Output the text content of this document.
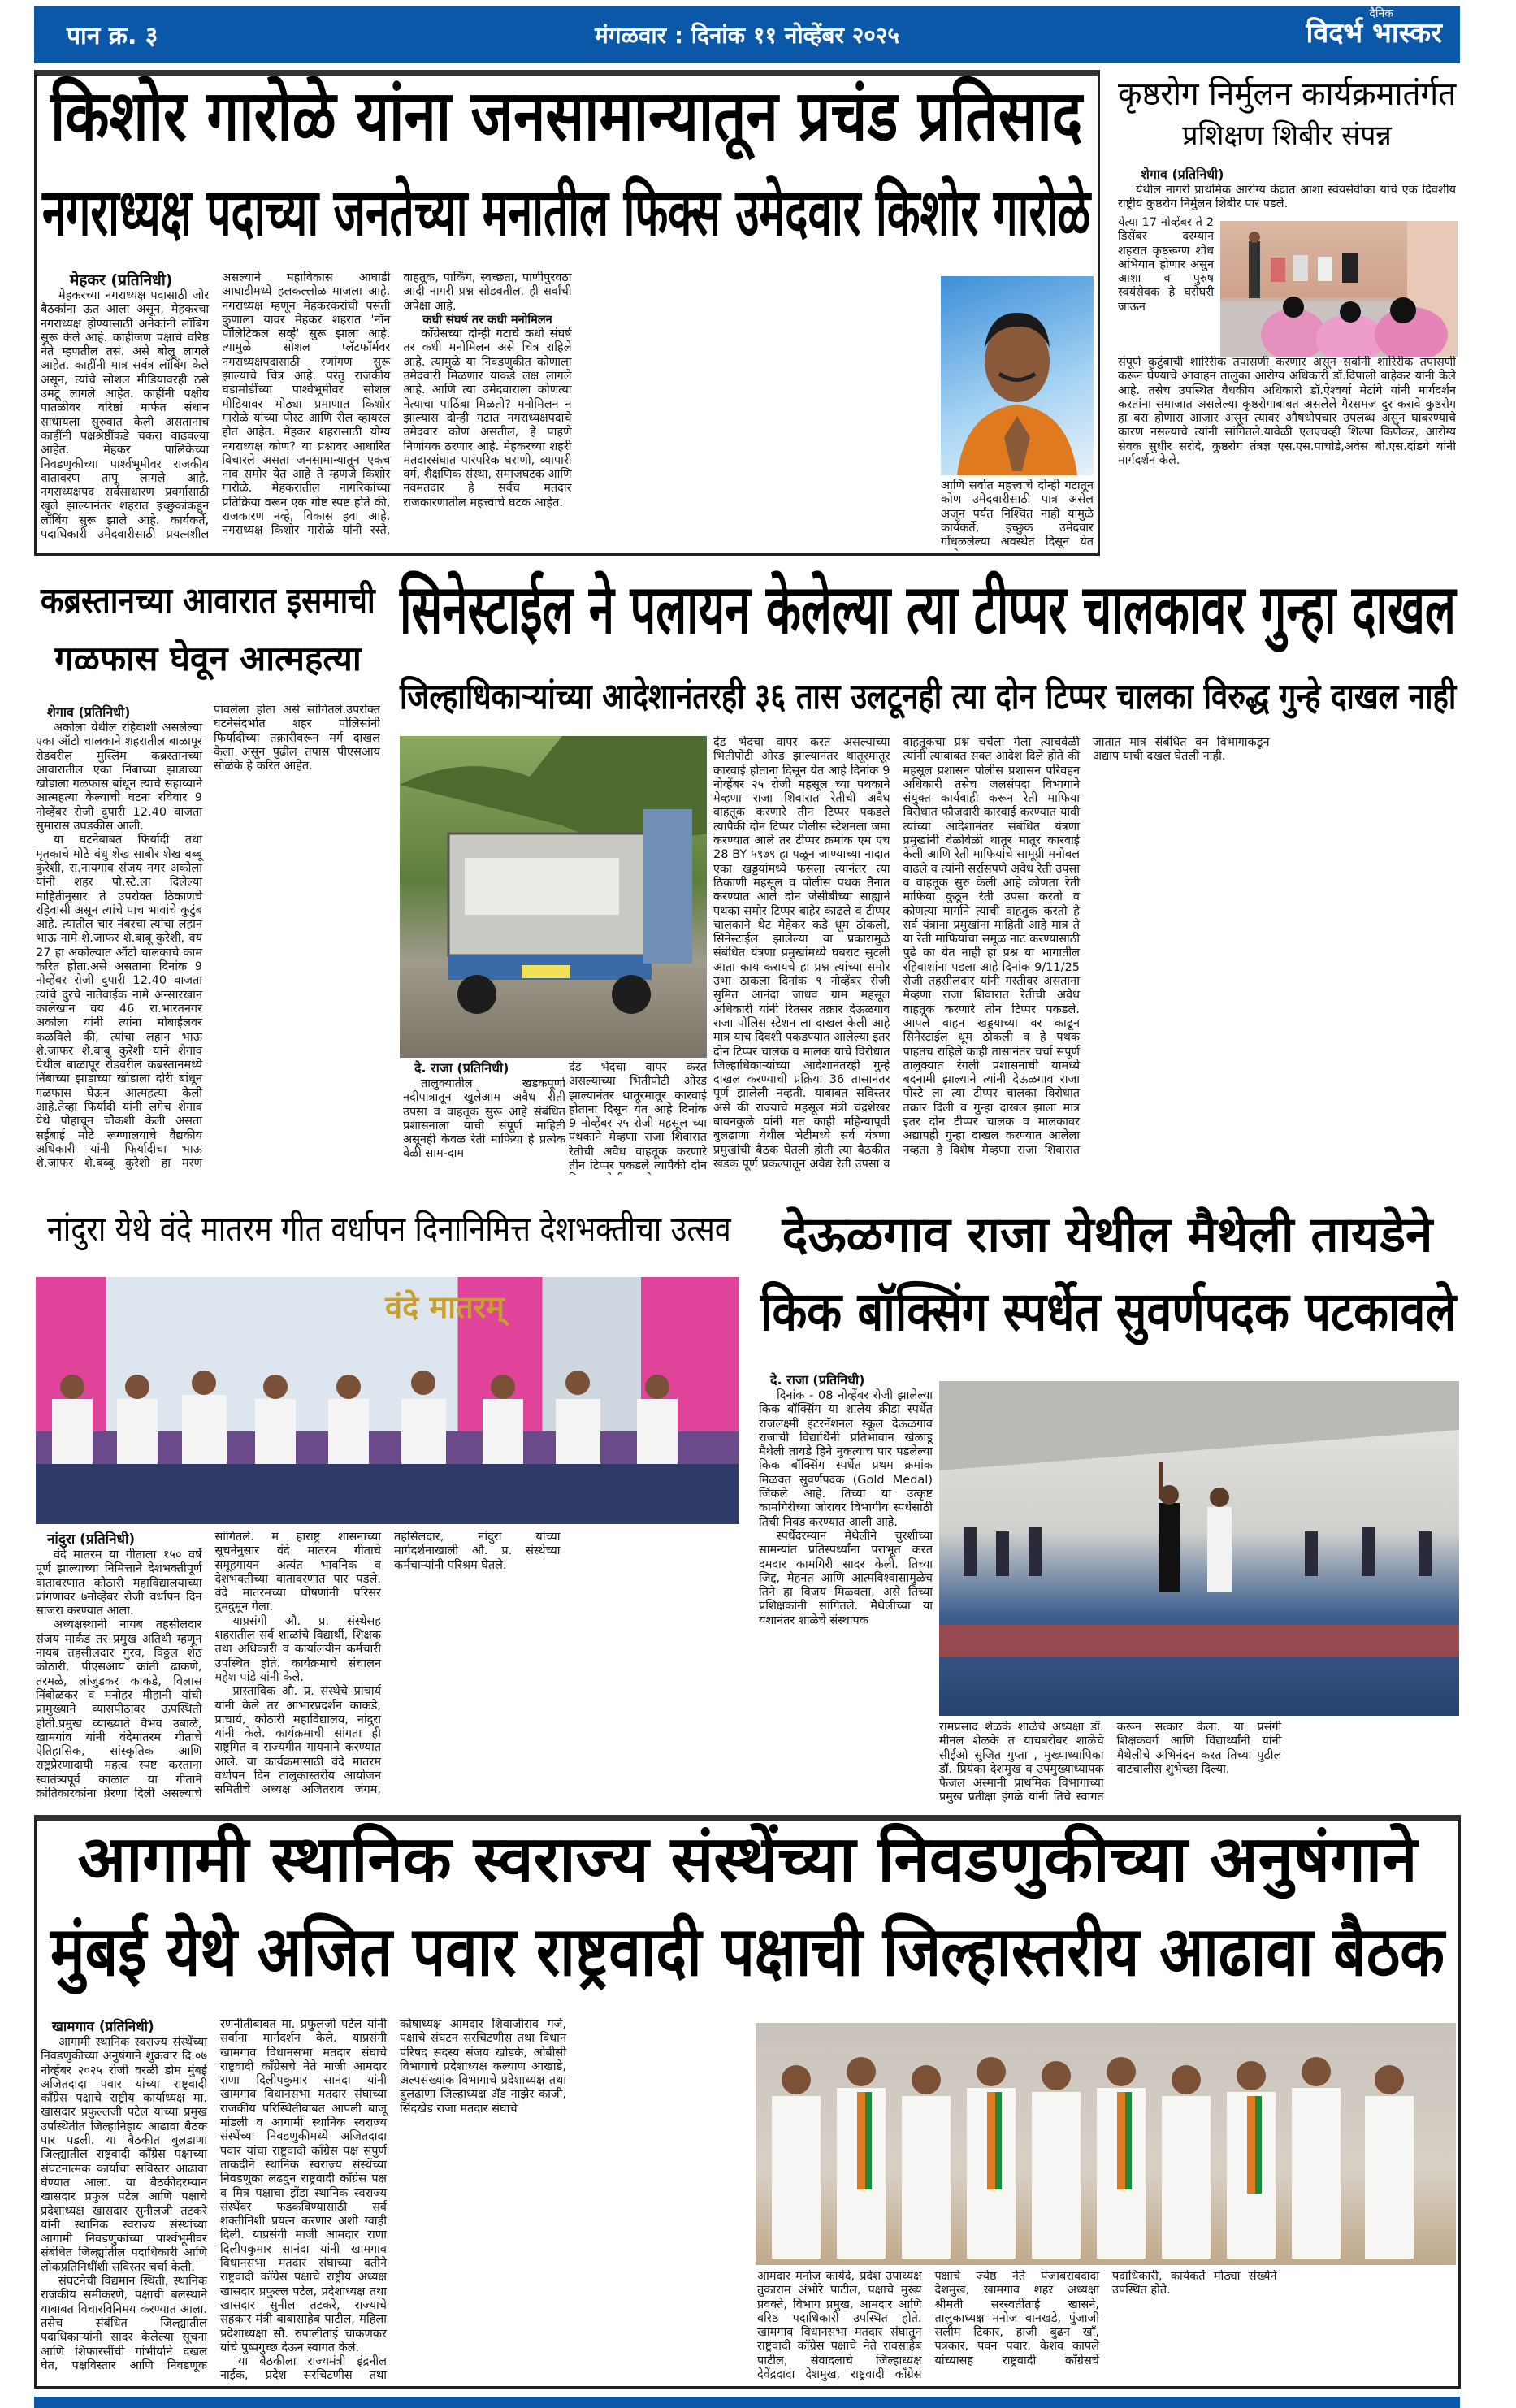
पान क्र. ३	मंगळवार : दिनांक ११ नोव्हेंबर २०२५
दैनिक
विदर्भ भास्कर
किशोर गारोळे यांना जनसामान्यातून प्रचंड प्रतिसाद
नगराध्यक्ष पदाच्या जनतेच्या मनातील फिक्स उमेदवार किशोर गारोळे
मेहकर (प्रतिनिधी)

मेहकरच्या नगराध्यक्ष पदासाठी जोर बैठकांना ऊत आला असून, मेहकरचा नगराध्यक्ष होण्यासाठी अनेकांनी लॉबिंग सुरू केले आहे. काहीजण पक्षाचे वरिष्ठ नेते म्हणतील तसं. असे बोलू लागले आहेत. काहींनी मात्र सर्वत्र लॉबिंग केले असून, त्यांचे सोशल मीडियावरही ठसे उमटू लागले आहेत. काहींनी पक्षीय पातळीवर वरिष्ठां मार्फत संधान साधायला सुरुवात केली असतानाच काहींनी पक्षश्रेष्ठींकडे चकरा वाढवल्या आहेत. मेहकर पालिकेच्या निवडणुकीच्या पार्श्वभूमीवर राजकीय वातावरण तापू लागले आहे. नगराध्यक्षपद सर्वसाधारण प्रवर्गासाठी खुले झाल्यानंतर शहरात इच्छुकांकडून लॉबिंग सुरू झाले आहे. कार्यकर्ते, पदाधिकारी उमेदवारीसाठी प्रयत्नशील असल्याने महाविकास आघाडी आघाडीमध्ये हलकल्लोळ माजला आहे. नगराध्यक्ष म्हणून मेहकरकरांची पसंती कुणाला यावर मेहकर शहरात 'नॉन पॉलिटिकल सर्व्हे' सुरू झाला आहे. त्यामुळे सोशल प्लॅटफॉर्मवर नगराध्यक्षपदासाठी रणांगण सुरू झाल्याचे चित्र आहे. परंतु राजकीय घडामोडींच्या पार्श्वभूमीवर सोशल मीडियावर मोठ्या प्रमाणात किशोर गारोळे यांच्या पोस्ट आणि रील व्हायरल होत आहेत. मेहकर शहरासाठी योग्य नगराध्यक्ष कोण? या प्रश्नावर आधारित विचारले असता जनसामान्यातून एकच नाव समोर येत आहे ते म्हणजे किशोर गारोळे. मेहकरातील नागरिकांच्या प्रतिक्रिया वरून एक गोष्ट स्पष्ट होते की, राजकारण नव्हे, विकास हवा आहे. नगराध्यक्ष किशोर गारोळे यांनी रस्ते, वाहतूक, पार्किंग, स्वच्छता, पाणीपुरवठा आदी नागरी प्रश्न सोडवतील, ही सर्वांची अपेक्षा आहे.

कधी संघर्ष तर कधी मनोमिलन

काँग्रेसच्या दोन्ही गटाचे कधी संघर्ष तर कधी मनोमिलन असे चित्र राहिले आहे. त्यामुळे या निवडणुकीत कोणाला उमेदवारी मिळणार याकडे लक्ष लागले आहे. आणि त्या उमेदवाराला कोणत्या नेत्याचा पाठिंबा मिळतो? मनोमिलन न झाल्यास दोन्ही गटात नगराध्यक्षपदाचे उमेदवार कोण असतील, हे पाहणे निर्णायक ठरणार आहे. मेहकरच्या शहरी मतदारसंघात पारंपरिक घराणी, व्यापारी वर्ग, शैक्षणिक संस्था, समाजघटक आणि नवमतदार हे सर्वच मतदार राजकारणातील महत्त्वाचे घटक आहेत.

आणि सर्वात महत्त्वाचे दोन्ही गटातून कोण उमेदवारीसाठी पात्र असेल अजून पर्यंत निश्चित नाही यामुळे कार्यकर्ते, इच्छुक उमेदवार गोंधळलेल्या अवस्थेत दिसून येत
कृष्ठरोग निर्मुलन कार्यक्रमातंर्गत
प्रशिक्षण शिबीर संपन्न
शेगाव (प्रतिनिधी)
येथील नागरी प्राथमिक आरोग्य केंद्रात आशा स्वंयसेवीका यांचे एक दिवशीय राष्ट्रीय कुष्ठरोग निर्मुलन शिबीर पार पडले.
येत्या 17 नोव्हेंबर ते 2 डिसेंबर दरम्यान शहरात कृष्ठरूग्ण शोध अभियान होणार असुन आशा व पुरुष स्वयंसेवक हे घरोघरी जाऊन
संपूर्ण कुटुंबाची शारिरीक तपासणी करणार असून सर्वांनी शारिरीक तपासणी करून घेण्याचे आवाहन तालुका आरोग्य अधिकारी डॉ.दिपाली बाहेकर यांनी केले आहे. तसेच उपस्थित वैधकीय अधिकारी डॉ.ऐश्वर्या मेटांगे यांनी मार्गदर्शन करतांना समाजात असलेल्या कृष्ठरोगाबाबत असलेले गैरसमज दुर करावे कुष्ठरोग हा बरा होणारा आजार असून त्यावर औषधोपचार उपलब्ध असुन घाबरण्याचे कारण नसल्याचे त्यांनी सांगितले.यावेळी एलएचव्ही शिल्पा किणेकर, आरोग्य सेवक सुधीर सरोदे, कुष्ठरोग तंत्रज्ञ एस.एस.पाचोडे,अवेस बी.एस.दांडगे यांनी मार्गदर्शन केले.
कब्रस्तानच्या आवारात इसमाची
गळफास घेवून आत्महत्या
शेगाव (प्रतिनिधी)

अकोला येथील रहिवाशी असलेल्या एका ऑटो चालकाने शहरातील बाळापूर रोडवरील मुस्लिम कब्रस्तानच्या आवारातील एका निंबाच्या झाडाच्या खोडाला गळफास बांधून त्याचे सहाय्याने आत्महत्या केल्याची घटना रविवार 9 नोव्हेंबर रोजी दुपारी 12.40 वाजता सुमारास उघडकीस आली.

या घटनेबाबत फिर्यादी तथा मृतकाचे मोठे बंधु शेख साबीर शेख बब्बू कुरेशी, रा.नायगाव संजय नगर अकोला यांनी शहर पो.स्टे.ला दिलेल्या माहितीनुसार ते उपरोक्त ठिकाणचे रहिवासी असून त्यांचे पाच भावांचे कुटुंब आहे. त्यातील चार नंबरचा त्यांचा लहान भाऊ नामे शे.जाफर शे.बाबू कुरेशी, वय 27 हा अकोल्यात ऑटो चालकाचे काम करित होता.असे असताना दिनांक 9 नोव्हेंबर रोजी दुपारी 12.40 वाजता त्यांचे दुरचे नातेवाईक नामे अन्सारखान कालेखान वय 46 रा.भारतनगर अकोला यांनी त्यांना मोबाईलवर कळविले की, त्यांचा लहान भाऊ शे.जाफर शे.बाबू कुरेशी याने शेगाव येथील बाळापूर रोडवरील कब्रस्तानमध्ये निंबाच्या झाडाच्या खोडाला दोरी बांधून गळफास घेऊन आत्महत्या केली आहे.तेव्हा फिर्यादी यांनी लगेच शेगाव येथे पोहाचून चौकशी केली असता सईबाई मोटे रूग्णालयाचे वैद्यकीय अधिकारी यांनी फिर्यादीचा भाऊ शे.जाफर शे.बब्बू कुरेशी हा मरण पावलेला होता असे सांगितले.उपरोक्त घटनेसंदर्भात शहर पोलिसांनी फिर्यादीच्या तक्रारीवरून मर्ग दाखल केला असून पुढील तपास पीएसआय सोळंके हे करित आहेत.

सिनेस्टाईल ने पलायन केलेल्या त्या टीप्पर चालकावर गुन्हा दाखल
जिल्हाधिकाऱ्यांच्या आदेशानंतरही ३६ तास उलटूनही त्या दोन टिप्पर चालका विरुद्ध गुन्हे दाखल नाही
दे. राजा (प्रतिनिधी)
तालुक्यातील खडकपूर्णा नदीपात्रातून खुलेआम अवैध रीती उपसा व वाहतूक सुरू आहे संबंधित प्रशासनाला याची संपूर्ण माहिती असूनही केवळ रेती माफिया हे प्रत्येक वेळी साम-दाम

दंड भेदचा वापर करत असल्याच्या भितीपोटी ओरड झाल्यानंतर थातूरमातूर कारवाई होताना दिसून येत आहे दिनांक 9 नोव्हेंबर २५ रोजी महसूल च्या पथकाने मेव्हणा राजा शिवारात रेतीची अवैध वाहतूक करणारे तीन टिप्पर पकडले त्यापैकी दोन

दंड भेदचा वापर करत असल्याच्या भितीपोटी ओरड झाल्यानंतर थातूरमातूर कारवाई होताना दिसून येत आहे दिनांक 9 नोव्हेंबर २५ रोजी महसूल च्या पथकाने मेव्हणा राजा शिवारात रेतीची अवैध वाहतूक करणारे तीन टिप्पर पकडले त्यापैकी दोन टिप्पर पोलीस स्टेशनला जमा करण्यात आले तर टीप्पर क्रमांक एम एच 28 BY ५९७९ हा पळून जाण्याच्या नादात एका खड्डयांमध्ये फसला त्यानंतर त्या ठिकाणी महसूल व पोलीस पथक तैनात करण्यात आले दोन जेसीबीच्या साह्याने पथका समोर टिप्पर बाहेर काढले व टीप्पर चालकाने थेट मेहेकर कडे धूम ठोकली, सिनेस्टाईल झालेल्या या प्रकारामुळे संबंधित यंत्रणा प्रमुखांमध्ये घबराट सुटली आता काय करायचे हा प्रश्न त्यांच्या समोर उभा ठाकला दिनांक ९ नोव्हेंबर रोजी सुमित आनंदा जाधव ग्राम महसूल अधिकारी यांनी रितसर तक्रार देऊळगाव राजा पोलिस स्टेशन ला दाखल केली आहे मात्र याच दिवशी पकडण्यात आलेल्या इतर दोन टिप्पर चालक व मालक यांचे विरोधात जिल्हाधिकाऱ्यांच्या आदेशानंतरही गुन्हे दाखल करण्याची प्रक्रिया 36 तासानंतर पूर्ण झालेली नव्हती. याबाबत सविस्तर असे की राज्याचे महसूल मंत्री चंद्रशेखर बावनकुळे यांनी गत काही महिन्यापूर्वी बुलढाणा येथील भेटीमध्ये सर्व यंत्रणा प्रमुखांची बैठक घेतली होती त्या बैठकीत खडक पूर्ण प्रकल्पातून अवैद्य रेती उपसा व वाहतूकचा प्रश्न चर्चेला गेला त्याचवेळी त्यांनी त्याबाबत सक्त आदेश दिले होते की महसूल प्रशासन पोलीस प्रशासन परिवहन अधिकारी तसेच जलसंपदा विभागाने संयुक्त कार्यवाही करून रेती माफिया विरोधात फौजदारी कारवाई करण्यात यावी त्यांच्या आदेशानंतर संबंधित यंत्रणा प्रमुखांनी वेळोवेळी थातूर मातूर कारवाई केली आणि रेती माफियांचे सामूग्री मनोबल वाढले व त्यांनी सर्रासपणे अवैध रेती उपसा व वाहतूक सुरु केली आहे कोणता रेती माफिया कुठून रेती उपसा करतो व कोणत्या मार्गाने त्याची वाहतुक करतो हे सर्व यंत्राना प्रमुखांना माहिती आहे मात्र ते या रेती माफियांचा समूळ नाट करण्यासाठी पुढे का येत नाही हा प्रश्न या भागातील रहिवाशांना पडला आहे दिनांक 9/11/25 रोजी तहसीलदार यांनी गस्तीवर असताना मेव्हणा राजा शिवारात रेतीची अवैध वाहतूक करणारे तीन टिप्पर पकडले. आपले वाहन खड्डयाच्या वर काढून सिनेस्टाईल धूम ठोकली व हे पथक पाहतच राहिले काही तासानंतर चर्चा संपूर्ण तालुक्यात रंगली प्रशासनाची यामध्ये बदनामी झाल्याने त्यांनी देऊळगाव राजा पोस्टे ला त्या टीप्पर चालका विरोधात तक्रार दिली व गुन्हा दाखल झाला मात्र इतर दोन टीप्पर चालक व मालकावर अद्यापही गुन्हा दाखल करण्यात आलेला नव्हता हे विशेष मेव्हणा राजा शिवारात जातात मात्र संबंधित वन विभागाकडून अद्याप याची दखल घेतली नाही.

नांदुरा येथे वंदे मातरम गीत वर्धापन दिनानिमित्त देशभक्तीचा उत्सव
वंदे मातरम्
नांदुरा (प्रतिनिधी)

वंदे मातरम या गीताला १५० वर्षे पूर्ण झाल्याच्या निमित्ताने देशभक्तीपूर्ण वातावरणात कोठारी महाविद्यालयाच्या प्रांगणावर ७नोव्हेंबर रोजी वर्धापन दिन साजरा करण्यात आला.

अध्यक्षस्थानी नायब तहसीलदार संजय मार्कंड तर प्रमुख अतिथी म्हणून नायब तहसीलदार गुरव, विठ्ठल शेठ कोठारी, पीएसआय क्रांती ढाकणे, तरमळे, लांजुडकर काकडे, विलास निंबोळकर व मनोहर मीहानी यांची प्रामुख्याने व्यासपीठावर ऊपस्थिती होती.प्रमुख व्याख्याते वैभव उबाळे, खामगांव यांनी वंदेमातरम गीताचे ऐतिहासिक, सांस्कृतिक आणि राष्ट्रप्रेरणादायी महत्व स्पष्ट करताना स्वातंत्र्यपूर्व काळात या गीताने क्रांतिकारकांना प्रेरणा दिली असल्याचे सांगितले. म हाराष्ट्र शासनाच्या सूचनेनुसार वंदे मातरम गीताचे समूहगायन अत्यंत भावनिक व देशभक्तीच्या वातावरणात पार पडले. वंदे मातरमच्या घोषणांनी परिसर दुमदुमून गेला.

याप्रसंगी औ. प्र. संस्थेसह शहरातील सर्व शाळांचे विद्यार्थी, शिक्षक तथा अधिकारी व कार्यालयीन कर्मचारी उपस्थित होते. कार्यक्रमाचे संचालन महेश पांडे यांनी केले.

प्रास्ताविक औ. प्र. संस्थेचे प्राचार्य यांनी केले तर आभारप्रदर्शन काकडे, प्राचार्य, कोठारी महाविद्यालय, नांदुरा यांनी केले. कार्यक्रमाची सांगता ही राष्ट्रगित व राज्यगीत गायनाने करण्यात आले. या कार्यक्रमासाठी वंदे मातरम वर्धापन दिन तालुकास्तरीय आयोजन समितीचे अध्यक्ष अजितराव जंगम, तहसिलदार, नांदुरा यांच्या मार्गदर्शनाखाली औ. प्र. संस्थेच्या कर्मचाऱ्यांनी परिश्रम घेतले.

देऊळगाव राजा येथील मैथेली तायडेने
किक बॉक्सिंग स्पर्धेत सुवर्णपदक पटकावले
दे. राजा (प्रतिनिधी)

दिनांक - 08 नोव्हेंबर रोजी झालेल्या किक बॉक्सिंग या शालेय क्रीडा स्पर्धेत राजलक्ष्मी इंटरनॅशनल स्कूल देऊळगाव राजाची विद्यार्थिनी प्रतिभावान खेळाडू मैथेली तायडे हिने नुकत्याच पार पडलेल्या किक बॉक्सिंग स्पर्धेत प्रथम क्रमांक मिळवत सुवर्णपदक (Gold Medal) जिंकले आहे. तिच्या या उत्कृष्ट कामगिरीच्या जोरावर विभागीय स्पर्धेसाठी तिची निवड करण्यात आली आहे.

स्पर्धेदरम्यान मैथेलीने चुरशीच्या सामन्यांत प्रतिस्पर्ध्यांना पराभूत करत दमदार कामगिरी सादर केली. तिच्या जिद्द, मेहनत आणि आत्मविश्वासामुळेच तिने हा विजय मिळवला, असे तिच्या प्रशिक्षकांनी सांगितले. मैथेलीच्या या यशानंतर शाळेचे संस्थापक

रामप्रसाद शेळके शाळेचे अध्यक्षा डॉ. मीनल शेळके त याचबरोबर शाळेचे सीईओ सुजित गुप्ता , मुख्याध्यापिका डॉ. प्रियंका देशमुख व उपमुख्याध्यापक फैजल अस्मानी प्राथमिक विभागाच्या प्रमुख प्रतीक्षा इंगळे यांनी तिचे स्वागत करून सत्कार केला. या प्रसंगी शिक्षकवर्ग आणि विद्यार्थ्यांनी यांनी मैथेलीचे अभिनंदन करत तिच्या पुढील वाटचालीस शुभेच्छा दिल्या.
आगामी स्थानिक स्वराज्य संस्थेंच्या निवडणुकीच्या अनुषंगाने
मुंबई येथे अजित पवार राष्ट्रवादी पक्षाची जिल्हास्तरीय आढावा बैठक
खामगाव (प्रतिनिधी)

आगामी स्थानिक स्वराज्य संस्थेंच्या निवडणुकीच्या अनुषंगाने शुक्रवार दि.०७ नोव्हेंबर २०२५ रोजी वरळी डोम मुंबई अजितदादा पवार यांच्या राष्ट्रवादी काँग्रेस पक्षाचे राष्ट्रीय कार्याध्यक्ष मा. खासदार प्रफुल्लजी पटेल यांच्या प्रमुख उपस्थितीत जिल्हानिहाय आढावा बैठक पार पडली. या बैठकीत बुलडाणा जिल्ह्यातील राष्ट्रवादी काँग्रेस पक्षाच्या संघटनात्मक कार्याचा सविस्तर आढावा घेण्यात आला. या बैठकीदरम्यान खासदार प्रफुल पटेल आणि पक्षाचे प्रदेशाध्यक्ष खासदार सुनीलजी तटकरे यांनी स्थानिक स्वराज्य संस्थांच्या आगामी निवडणुकांच्या पार्श्वभूमीवर संबंधित जिल्ह्यांतील पदाधिकारी आणि लोकप्रतिनिधींशी सविस्तर चर्चा केली.

संघटनेची विद्यमान स्थिती, स्थानिक राजकीय समीकरणे, पक्षाची बलस्थाने याबाबत विचारविनिमय करण्यात आला. तसेच संबंधित जिल्ह्यातील पदाधिकाऱ्यांनी सादर केलेल्या सूचना आणि शिफारसींची गांभीर्याने दखल घेत, पक्षविस्तार आणि निवडणूक रणनीतीबाबत मा. प्रफुलजी पटेल यांनी सर्वांना मार्गदर्शन केले. याप्रसंगी खामगाव विधानसभा मतदार संघाचे राष्ट्रवादी काँग्रेसचे नेते माजी आमदार राणा दिलीपकुमार सानंदा यांनी खामगाव विधानसभा मतदार संघाच्या राजकीय परिस्थितीबाबत आपली बाजू मांडली व आगामी स्थानिक स्वराज्य संस्थेंच्या निवडणुकीमध्ये अजितदादा पवार यांचा राष्ट्रवादी काँग्रेस पक्ष संपुर्ण ताकदीने स्थानिक स्वराज्य संस्थेंच्या निवडणुका लढवुन राष्ट्रवादी काँग्रेस पक्ष व मित्र पक्षाचा झेंडा स्थानिक स्वराज्य संस्थेंवर फडकविण्यासाठी सर्व शक्तीनिशी प्रयत्न करणार अशी ग्वाही दिली. याप्रसंगी माजी आमदार राणा दिलीपकुमार सानंदा यांनी खामगाव विधानसभा मतदार संघाच्या वतीने राष्ट्रवादी काँग्रेस पक्षाचे राष्ट्रीय अध्यक्ष खासदार प्रफुल्ल पटेल, प्रदेशाध्यक्ष तथा खासदार सुनील तटकरे, राज्याचे सहकार मंत्री बाबासाहेब पाटील, महिला प्रदेशाध्यक्षा सौ. रुपालीताई चाकणकर यांचे पुष्पगुच्छ देऊन स्वागत केले.

या बैठकीला राज्यमंत्री इंद्रनील नाईक, प्रदेश सरचिटणीस तथा कोषाध्यक्ष आमदार शिवाजीराव गर्जे, पक्षाचे संघटन सरचिटणीस तथा विधान परिषद सदस्य संजय खोडके, ओबीसी विभागाचे प्रदेशाध्यक्ष कल्याण आखाडे, अल्पसंख्यांक विभागाचे प्रदेशाध्यक्ष तथा बुलढाणा जिल्हाध्यक्ष ॲड नाझेर काजी, सिंदखेड राजा मतदार संघाचे

आमदार मनोज कायंदे, प्रदेश उपाध्यक्ष तुकाराम अंभोरे पाटील, पक्षाचे मुख्य प्रवक्ते, विभाग प्रमुख, आमदार आणि वरिष्ठ पदाधिकारी उपस्थित होते. खामगाव विधानसभा मतदार संघातुन राष्ट्रवादी काँग्रेस पक्षाचे नेते रावसाहेब पाटील, सेवादलाचे जिल्हाध्यक्ष देवेंद्रदादा देशमुख, राष्ट्रवादी काँग्रेस पक्षाचे ज्येष्ठ नेते पंजाबरावदादा देशमुख, खामगाव शहर अध्यक्षा श्रीमती सरस्वतीताई खासने, तालुकाध्यक्ष मनोज वानखडे, पुंजाजी सलीम टिकार, हाजी बुढन खाँ, पत्रकार, पवन पवार, केशव कापले यांच्यासह राष्ट्रवादी काँग्रेसचे पदाधिकारी, कार्यकर्ते मोठ्या संख्येने उपस्थित होते.
